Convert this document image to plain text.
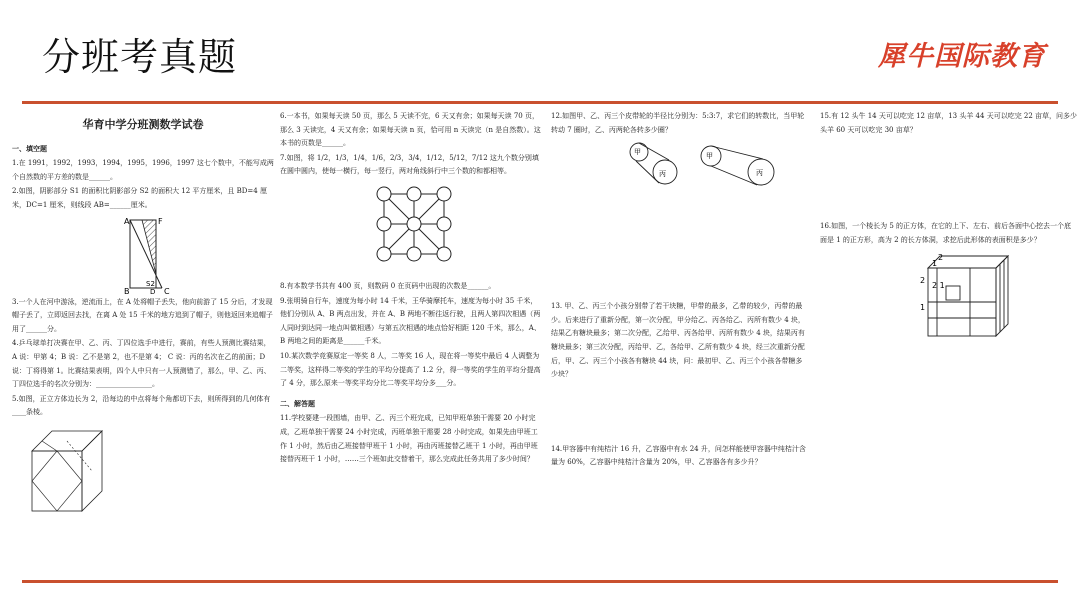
分班考真题	犀牛国际教育
华育中学分班测数学试卷
一、填空题
1.在 1991，1992，1993，1994，1995，1996，1997 这七个数中，不能写成两个自然数的平方差的数是______。
2.如图，阴影部分 S1 的面积比阴影部分 S2 的面积大 12 平方厘米，且 BD=4 厘米，DC=1 厘米，则线段 AB=______厘米。
A	F
B	D C
S2
3.一个人在河中游泳，逆流而上，在 A 处将帽子丢失，他向前游了 15 分后，才发现帽子丢了，立即返回去找，在离 A 处 15 千米的地方追到了帽子，则他返回来追帽子用了______分。
4.乒乓球单打决赛在甲、乙、丙、丁四位选手中进行，赛前，有些人预测比赛结果，A 说：甲第 4；B 说：乙不是第 2，也不是第 4； C 说：丙的名次在乙的前面；D 说：丁将得第 1。比赛结果表明，四个人中只有一人预测错了，那么，甲、乙、丙、丁四位选手的名次分别为：________________。
5.如图，正立方体边长为 2，沿每边的中点将每个角都切下去，则所得到的几何体有____条棱。
6.一本书，如果每天读 50 页，那么 5 天读不完，6 天又有余；如果每天读 70 页，那么 3 天读完，4 天又有余；如果每天读 n 页，恰可用 n 天读完（n 是自然数）。这本书的页数是______。
7.如图，将 1/2，1/3，1/4，1/6，2/3，3/4，1/12，5/12，7/12 这九个数分别填在圆中圆内，使每一横行，每一竖行，两对角线斜行中三个数的和都相等。
8.有本数学书共有 400 页，则数码 0 在页码中出现的次数是______。
9.张明骑自行车，速度为每小时 14 千米，王华骑摩托车，速度为每小时 35 千米，他们分别从 A、B 两点出发，并在 A、B 两地不断往返行驶，且两人第四次相遇（两人同时到达同一地点叫做相遇）与第五次相遇的地点恰好相距 120 千米，那么，A、B 两地之间的距离是______千米。
10.某次数学竞赛原定一等奖 8 人，二等奖 16 人，现在将一等奖中最后 4 人调整为二等奖，这样得二等奖的学生的平均分提高了 1.2 分，得一等奖的学生的平均分提高了 4 分，那么原来一等奖平均分比二等奖平均分多___分。
二、解答题
11.学校要建一段围墙，由甲、乙、丙三个班完成，已知甲班单独干需要 20 小时完成，乙班单独干需要 24 小时完成，丙班单独干需要 28 小时完成，如果先由甲班工作 1 小时，然后由乙班接替甲班干 1 小时，再由丙班接替乙班干 1 小时，再由甲班接替丙班干 1 小时，……三个班如此交替着干，那么完成此任务共用了多少时间？
12.如图甲、乙、丙三个皮带轮的半径比分别为：5:3:7，求它们的转数比，当甲轮转动 7 圈时，乙、丙两轮各转多少圈？
甲
丙
甲
丙
13. 甲、乙、丙三个小孩分别带了若干块糖，甲带的最多，乙带的较少，丙带的最少。后来进行了重新分配，第一次分配，甲分给乙、丙各给乙、丙所有数少 4 块，结果乙有糖块最多；第二次分配，乙给甲、丙各给甲、丙所有数少 4 块，结果丙有糖块最多；第三次分配，丙给甲、乙，各给甲、乙所有数少 4 块，经三次重新分配后，甲、乙、丙三个小孩各有糖块 44 块，问：最初甲、乙、丙三个小孩各带糖多少块？
14.甲容器中有纯桔汁 16 升，乙容器中有水 24 升，问怎样能使甲容器中纯桔汁含量为 60%，乙容器中纯桔汁含量为 20%，甲、乙容器各有多少升？
15.有 12 头牛 14 天可以吃完 12 亩草，13 头羊 44 天可以吃完 22 亩草，问多少头羊 60 天可以吃完 30 亩草？
16.如图，一个棱长为 5 的正方体，在它的上下、左右、前后各面中心挖去一个底面是 1 的正方形，高为 2 的长方体洞，求挖后此形体的表面积是多少？
2
1
2
2 1
1
